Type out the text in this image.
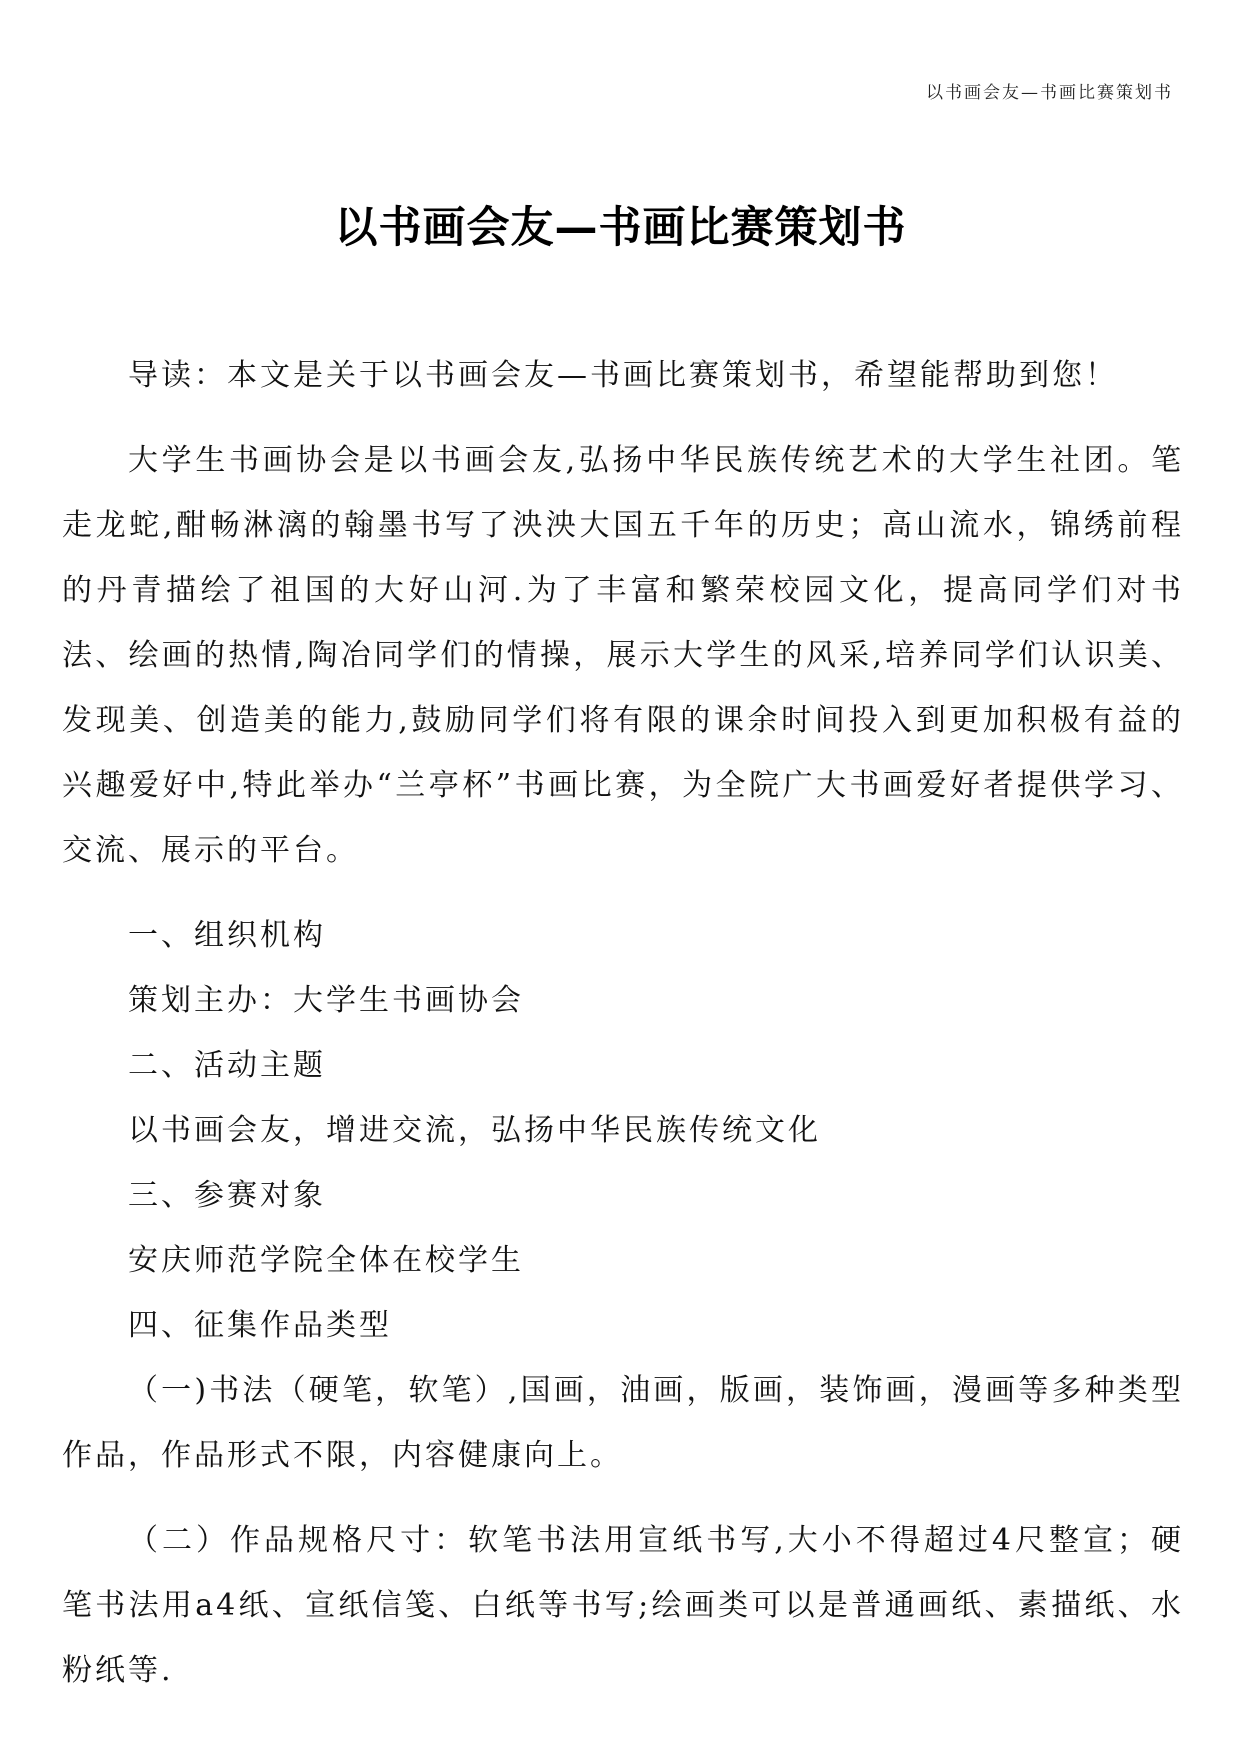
以书画会友—书画比赛策划书
以书画会友—书画比赛策划书

导读：本文是关于以书画会友—书画比赛策划书，希望能帮助到您！

大学生书画协会是以书画会友,弘扬中华民族传统艺术的大学生社团。笔走龙蛇,酣畅淋漓的翰墨书写了泱泱大国五千年的历史；高山流水，锦绣前程的丹青描绘了祖国的大好山河.为了丰富和繁荣校园文化，提高同学们对书法、绘画的热情,陶冶同学们的情操，展示大学生的风采,培养同学们认识美、发现美、创造美的能力,鼓励同学们将有限的课余时间投入到更加积极有益的兴趣爱好中,特此举办“兰亭杯”书画比赛，为全院广大书画爱好者提供学习、交流、展示的平台。

一、组织机构

策划主办：大学生书画协会

二、活动主题

以书画会友，增进交流，弘扬中华民族传统文化

三、参赛对象

安庆师范学院全体在校学生

四、征集作品类型

（一)书法（硬笔，软笔）,国画，油画，版画，装饰画，漫画等多种类型作品，作品形式不限，内容健康向上。

（二）作品规格尺寸：软笔书法用宣纸书写,大小不得超过4尺整宣；硬笔书法用a4纸、宣纸信笺、白纸等书写;绘画类可以是普通画纸、素描纸、水粉纸等.
